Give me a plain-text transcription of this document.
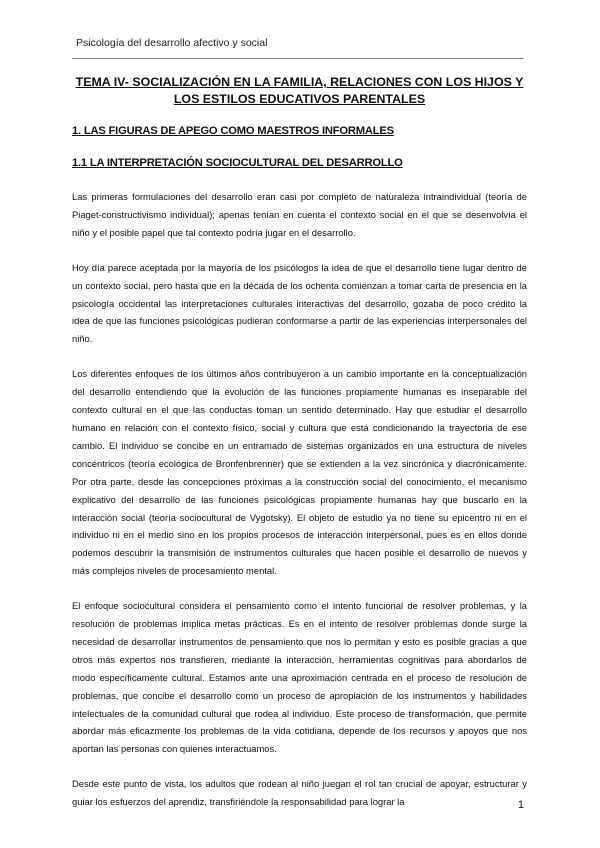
Psicología del desarrollo afectivo y social
TEMA IV- SOCIALIZACIÓN EN LA FAMILIA, RELACIONES CON LOS HIJOS Y LOS ESTILOS EDUCATIVOS PARENTALES
1. LAS FIGURAS DE APEGO COMO MAESTROS INFORMALES
1.1 LA INTERPRETACIÓN SOCIOCULTURAL DEL DESARROLLO

Las primeras formulaciones del desarrollo eran casi por completo de naturaleza intraindividual (teoría de Piaget-constructivismo individual); apenas tenían en cuenta el contexto social en el que se desenvolvía el niño y el posible papel que tal contexto podría jugar en el desarrollo.

Hoy día parece aceptada por la mayoría de los psicólogos la idea de que el desarrollo tiene lugar dentro de un contexto social, pero hasta que en la década de los ochenta comienzan a tomar carta de presencia en la psicología occidental las interpretaciones culturales interactivas del desarrollo, gozaba de poco crédito la idea de que las funciones psicológicas pudieran conformarse a partir de las experiencias interpersonales del niño.

Los diferentes enfoques de los últimos años contribuyeron a un cambio importante en la conceptualización del desarrollo entendiendo que la evolución de las funciones propiamente humanas es inseparable del contexto cultural en el que las conductas toman un sentido determinado. Hay que estudiar el desarrollo humano en relación con el contexto físico, social y cultura que está condicionando la trayectoria de ese cambio. El individuo se concibe en un entramado de sistemas organizados en una estructura de niveles concéntricos (teoría ecológica de Bronfenbrenner) que se extienden a la vez sincrónica y diacrónicamente. Por otra parte, desde las concepciones próximas a la construcción social del conocimiento, el mecanismo explicativo del desarrollo de las funciones psicológicas propiamente humanas hay que buscarlo en la interacción social (teoría sociocultural de Vygotsky). El objeto de estudio ya no tiene su epicentro ni en el individuo ni en el medio sino en los propios procesos de interacción interpersonal, pues es en ellos donde podemos descubrir la transmisión de instrumentos culturales que hacen posible el desarrollo de nuevos y más complejos niveles de procesamiento mental.

El enfoque sociocultural considera el pensamiento como el intento funcional de resolver problemas, y la resolución de problemas implica metas prácticas. Es en el intento de resolver problemas donde surge la necesidad de desarrollar instrumentos de pensamiento que nos lo permitan y esto es posible gracias a que otros más expertos nos transfieren, mediante la interacción, herramientas cognitivas para abordarlos de modo específicamente cultural. Estamos ante una aproximación centrada en el proceso de resolución de problemas, que concibe el desarrollo como un proceso de apropiación de los instrumentos y habilidades intelectuales de la comunidad cultural que rodea al individuo. Este proceso de transformación, que permite abordar más eficazmente los problemas de la vida cotidiana, depende de los recursos y apoyos que nos aportan las personas con quienes interactuamos.

Desde este punto de vista, los adultos que rodean al niño juegan el rol tan crucial de apoyar, estructurar y guiar los esfuerzos del aprendiz, transfiriéndole la responsabilidad para lograr la	1
